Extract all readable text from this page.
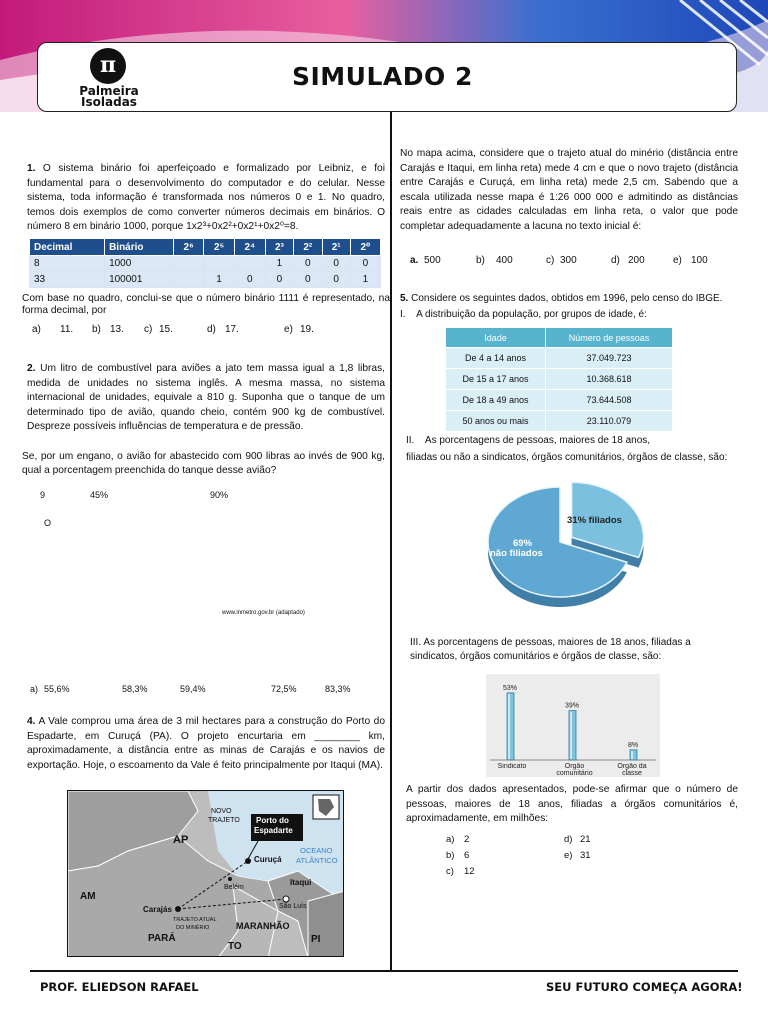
π
Palmeira
Isoladas
SIMULADO 2
1. O sistema binário foi aperfeiçoado e formalizado por Leibniz, e foi fundamental para o desenvolvimento do computador e do celular. Nesse sistema, toda informação é transformada nos números 0 e 1. No quadro, temos dois exemplos de como converter números decimais em binários. O número 8 em binário 1000, porque 1x2³+0x2²+0x2¹+0x2⁰=8.
Decimal	Binário	2⁶	2⁵	2⁴	2³	2²	2¹	2⁰
8	1000				1	0	0	0
33	100001		1	0	0	0	0	1
Com base no quadro, conclui-se que o número binário 1111 é representado, na forma decimal, por
a)	11.	b) 13.	c) 15.	d) 17.	e) 19.
2. Um litro de combustível para aviões a jato tem massa igual a 1,8 libras, medida de unidades no sistema inglês. A mesma massa, no sistema internacional de unidades, equivale a 810 g. Suponha que o tanque de um determinado tipo de avião, quando cheio, contém 900 kg de combustível. Despreze possíveis influências de temperatura e de pressão.
Se, por um engano, o avião for abastecido com 900 libras ao invés de 900 kg, qual a porcentagem preenchida do tanque desse avião?
9	45%	90%
O
www.inmetro.gov.br (adaptado)
a) 55,6%	58,3%	59,4%	72,5%	83,3%
4. A Vale comprou uma área de 3 mil hectares para a construção do Porto do Espadarte, em Curuçá (PA). O projeto encurtaria em ________ km, aproximadamente, a distância entre as minas de Carajás e os navios de exportação. Hoje, o escoamento da Vale é feito principalmente por Itaqui (MA).
AP
AM
PARÁ
TO
PI
MARANHÃO
NOVO
TRAJETO Porto do
Espadarte
Curuçá
OCEANO
ATLÂNTICO
Itaqui
Belém
São Luís
Carajás
TRAJETO ATUAL
DO MINÉRIO
No mapa acima, considere que o trajeto atual do minério (distância entre Carajás e Itaqui, em linha reta) mede 4 cm e que o novo trajeto (distância entre Carajás e Curuçá, em linha reta) mede 2,5 cm. Sabendo que a escala utilizada nesse mapa é 1:26 000 000 e admitindo as distâncias reais entre as cidades calculadas em linha reta, o valor que pode completar adequadamente a lacuna no texto inicial é:
a. 500	b) 400	c) 300	d) 200	e) 100
5. Considere os seguintes dados, obtidos em 1996, pelo censo do IBGE.
I.    A distribuição da população, por grupos de idade, é:
Idade	Número de pessoas
De 4 a 14 anos	37.049.723
De 15 a 17 anos	10.368.618
De 18 a 49 anos	73.644.508
50 anos ou mais	23.110.079
II.    As porcentagens de pessoas, maiores de 18 anos,
filiadas ou não a sindicatos, órgãos comunitários, órgãos de classe, são:
31% filiados
69%
não filiados
III. As porcentagens de pessoas, maiores de 18 anos, filiadas a sindicatos, órgãos comunitários e órgãos de classe, são:
53%
39%
8%
Sindicato	Órgão comunitário
Órgão da classe
A partir dos dados apresentados, pode-se afirmar que o número de pessoas, maiores de 18 anos, filiadas a órgãos comunitários é, aproximadamente, em milhões:
a) 2	d) 21
b) 6	e) 31
c) 12
PROF. ELIEDSON RAFAEL	SEU FUTURO COMEÇA AGORA!
